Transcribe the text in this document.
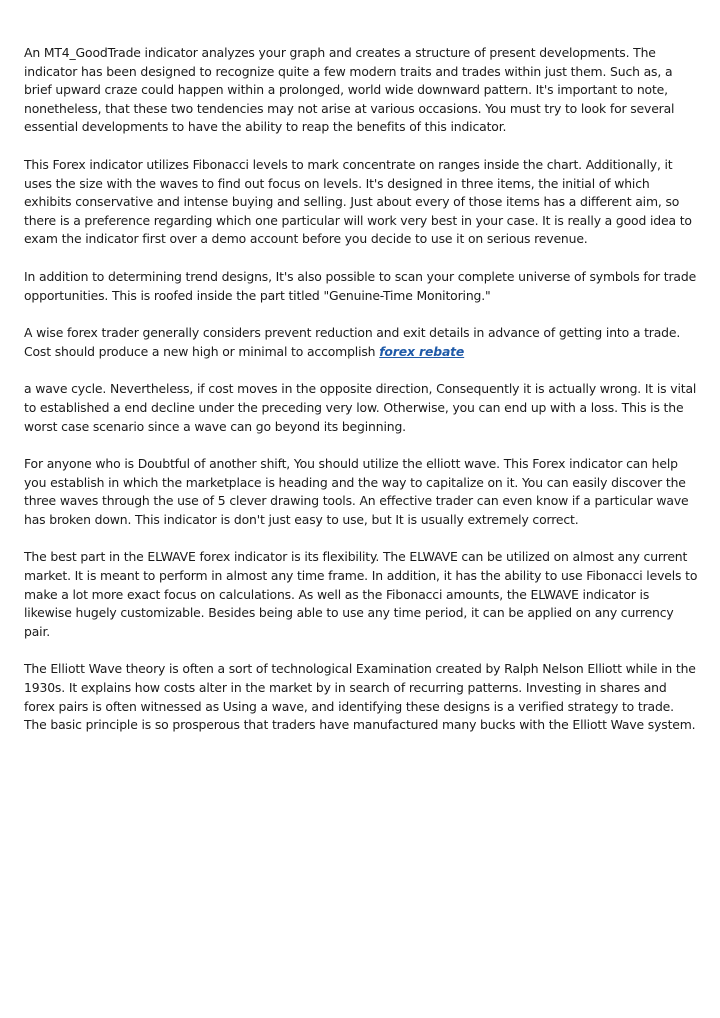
An MT4_GoodTrade indicator analyzes your graph and creates a structure of present developments. The indicator has been designed to recognize quite a few modern traits and trades within just them. Such as, a brief upward craze could happen within a prolonged, world wide downward pattern. It's important to note, nonetheless, that these two tendencies may not arise at various occasions. You must try to look for several essential developments to have the ability to reap the benefits of this indicator.

This Forex indicator utilizes Fibonacci levels to mark concentrate on ranges inside the chart. Additionally, it uses the size with the waves to find out focus on levels. It's designed in three items, the initial of which exhibits conservative and intense buying and selling. Just about every of those items has a different aim, so there is a preference regarding which one particular will work very best in your case. It is really a good idea to exam the indicator first over a demo account before you decide to use it on serious revenue.

In addition to determining trend designs, It's also possible to scan your complete universe of symbols for trade opportunities. This is roofed inside the part titled "Genuine-Time Monitoring."

A wise forex trader generally considers prevent reduction and exit details in advance of getting into a trade. Cost should produce a new high or minimal to accomplish forex rebate

a wave cycle. Nevertheless, if cost moves in the opposite direction, Consequently it is actually wrong. It is vital to established a end decline under the preceding very low. Otherwise, you can end up with a loss. This is the worst case scenario since a wave can go beyond its beginning.

For anyone who is Doubtful of another shift, You should utilize the elliott wave. This Forex indicator can help you establish in which the marketplace is heading and the way to capitalize on it. You can easily discover the three waves through the use of 5 clever drawing tools. An effective trader can even know if a particular wave has broken down. This indicator is don't just easy to use, but It is usually extremely correct.

The best part in the ELWAVE forex indicator is its flexibility. The ELWAVE can be utilized on almost any current market. It is meant to perform in almost any time frame. In addition, it has the ability to use Fibonacci levels to make a lot more exact focus on calculations. As well as the Fibonacci amounts, the ELWAVE indicator is likewise hugely customizable. Besides being able to use any time period, it can be applied on any currency pair.

The Elliott Wave theory is often a sort of technological Examination created by Ralph Nelson Elliott while in the 1930s. It explains how costs alter in the market by in search of recurring patterns. Investing in shares and forex pairs is often witnessed as Using a wave, and identifying these designs is a verified strategy to trade. The basic principle is so prosperous that traders have manufactured many bucks with the Elliott Wave system.
